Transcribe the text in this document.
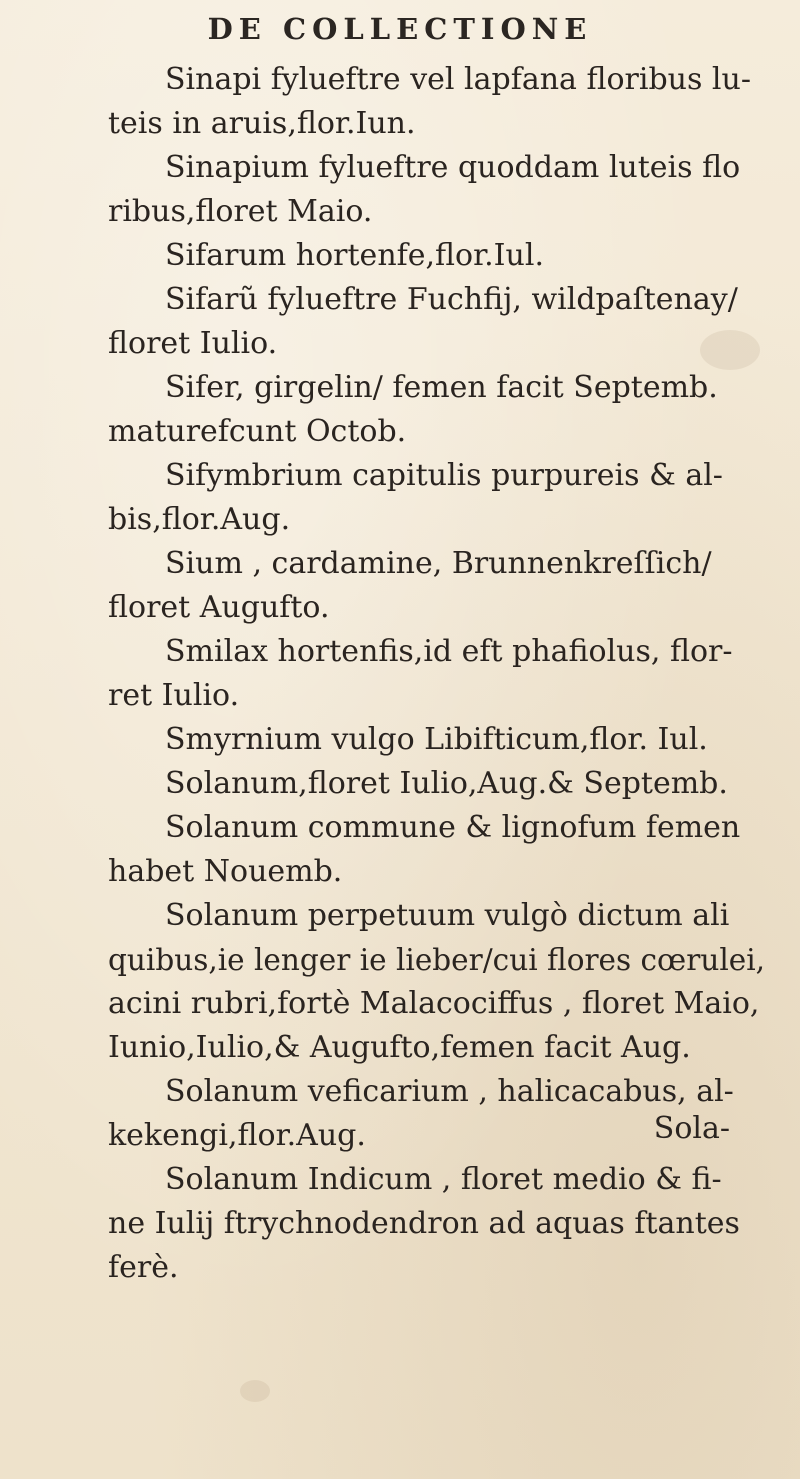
DE COLLECTIONE
Sinapi fylueftre vel lapfana floribus lu-
teis in aruis,flor.Iun.
Sinapium fylueftre quoddam luteis flo
ribus,floret Maio.
Sifarum hortenfe,flor.Iul.
Sifarũ fylueftre Fuchfij, wildpaſtenay/
floret Iulio.
Sifer, girgelin/ femen facit Septemb.
maturefcunt Octob.
Sifymbrium capitulis purpureis & al-
bis,flor.Aug.
Sium , cardamine, Brunnenkreſſich/
floret Augufto.
Smilax hortenfis,id eft phafiolus, flor-
ret Iulio.
Smyrnium vulgo Libifticum,flor. Iul.
Solanum,floret Iulio,Aug.& Septemb.
Solanum commune & lignofum femen
habet Nouemb.
Solanum perpetuum vulgò dictum ali
quibus,ie lenger ie lieber/cui flores cœrulei,
acini rubri,fortè Malacociffus , floret Maio,
Iunio,Iulio,& Augufto,femen facit Aug.
Solanum veficarium , halicacabus, al-
kekengi,flor.Aug.
Solanum Indicum , floret medio & fi-
ne Iulij ftrychnodendron ad aquas ftantes
ferè.
Sola-
